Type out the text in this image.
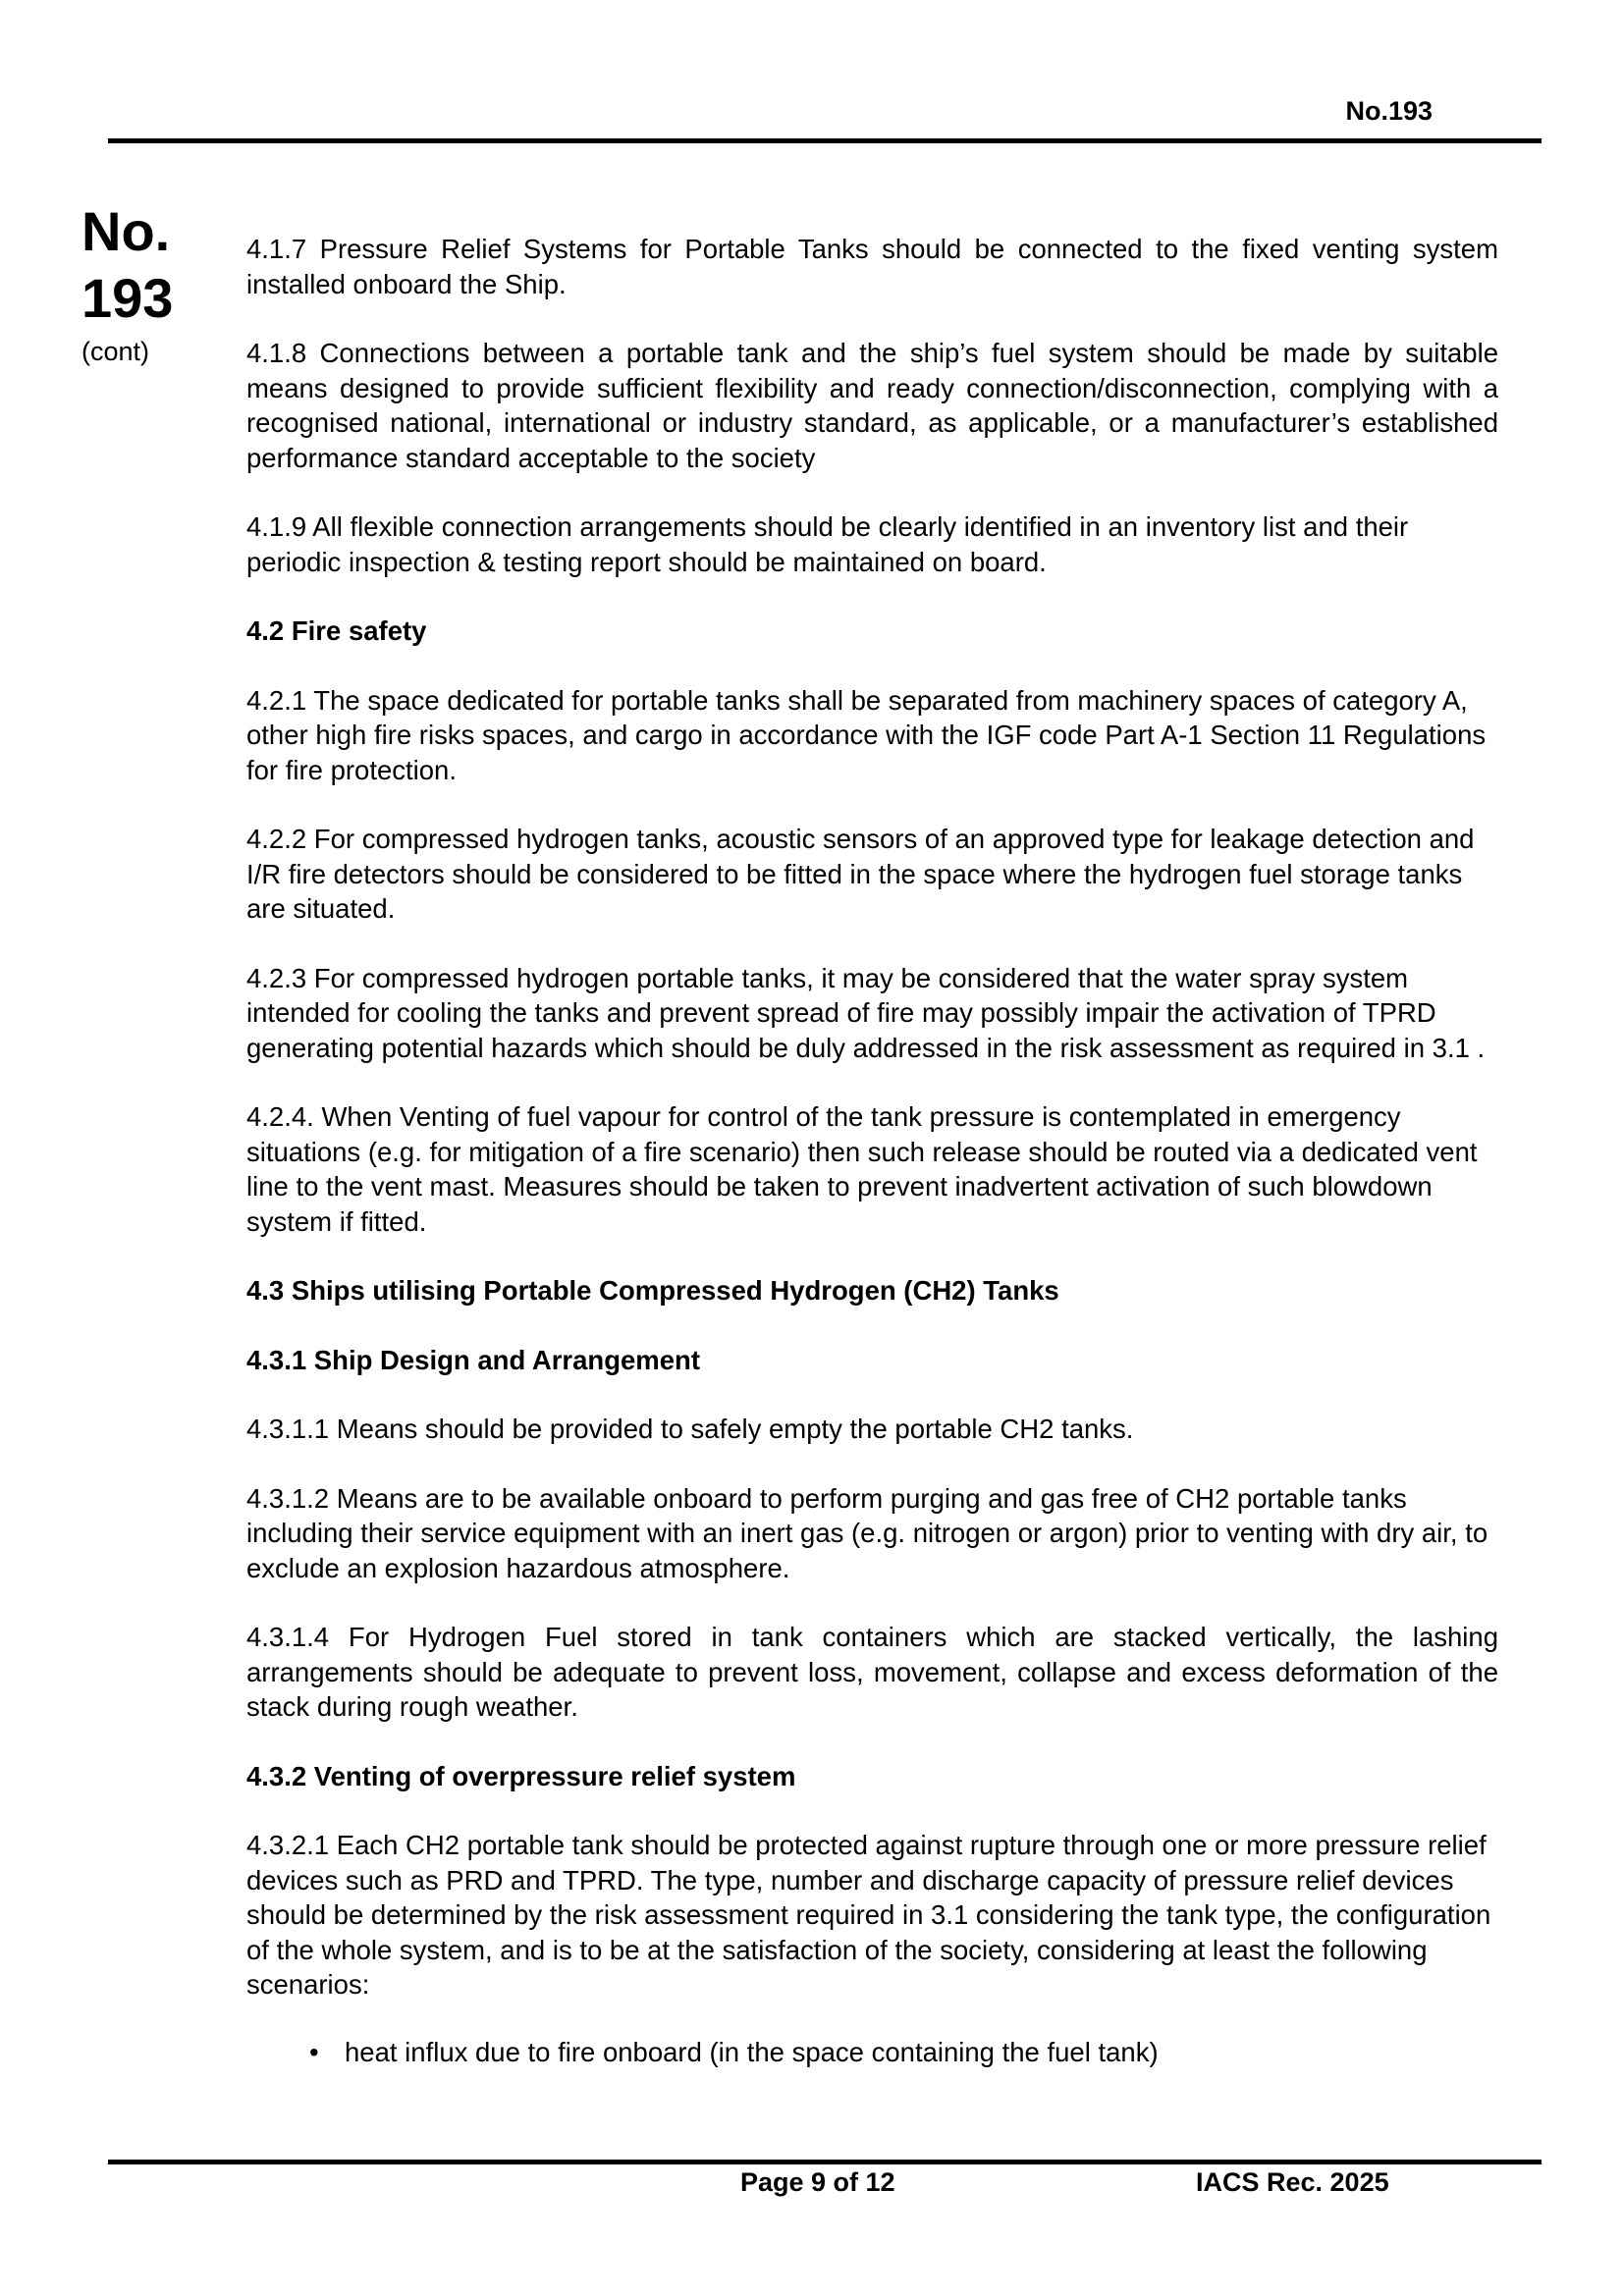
No.193
No.
193
(cont)

4.1.7 Pressure Relief Systems for Portable Tanks should be connected to the fixed venting system installed onboard the Ship.

4.1.8 Connections between a portable tank and the ship’s fuel system should be made by suitable means designed to provide sufficient flexibility and ready connection/disconnection, complying with a recognised national, international or industry standard, as applicable, or a manufacturer’s established performance standard acceptable to the society

4.1.9 All flexible connection arrangements should be clearly identified in an inventory list and their periodic inspection & testing report should be maintained on board.

4.2 Fire safety

4.2.1 The space dedicated for portable tanks shall be separated from machinery spaces of category A, other high fire risks spaces, and cargo in accordance with the IGF code Part A-1 Section 11 Regulations for fire protection.

4.2.2 For compressed hydrogen tanks, acoustic sensors of an approved type for leakage detection and I/R fire detectors should be considered to be fitted in the space where the hydrogen fuel storage tanks are situated.

4.2.3 For compressed hydrogen portable tanks, it may be considered that the water spray system intended for cooling the tanks and prevent spread of fire may possibly impair the activation of TPRD generating potential hazards which should be duly addressed in the risk assessment as required in 3.1 .

4.2.4. When Venting of fuel vapour for control of the tank pressure is contemplated in emergency situations (e.g. for mitigation of a fire scenario) then such release should be routed via a dedicated vent line to the vent mast. Measures should be taken to prevent inadvertent activation of such blowdown system if fitted.

4.3 Ships utilising Portable Compressed Hydrogen (CH2) Tanks
4.3.1 Ship Design and Arrangement

4.3.1.1 Means should be provided to safely empty the portable CH2 tanks.

4.3.1.2 Means are to be available onboard to perform purging and gas free of CH2 portable tanks including their service equipment with an inert gas (e.g. nitrogen or argon) prior to venting with dry air, to exclude an explosion hazardous atmosphere.

4.3.1.4 For Hydrogen Fuel stored in tank containers which are stacked vertically, the lashing arrangements should be adequate to prevent loss, movement, collapse and excess deformation of the stack during rough weather.

4.3.2 Venting of overpressure relief system

4.3.2.1 Each CH2 portable tank should be protected against rupture through one or more pressure relief devices such as PRD and TPRD. The type, number and discharge capacity of pressure relief devices should be determined by the risk assessment required in 3.1 considering the tank type, the configuration of the whole system, and is to be at the satisfaction of the society, considering at least the following scenarios:

• heat influx due to fire onboard (in the space containing the fuel tank)
Page 9 of 12	IACS Rec. 2025
